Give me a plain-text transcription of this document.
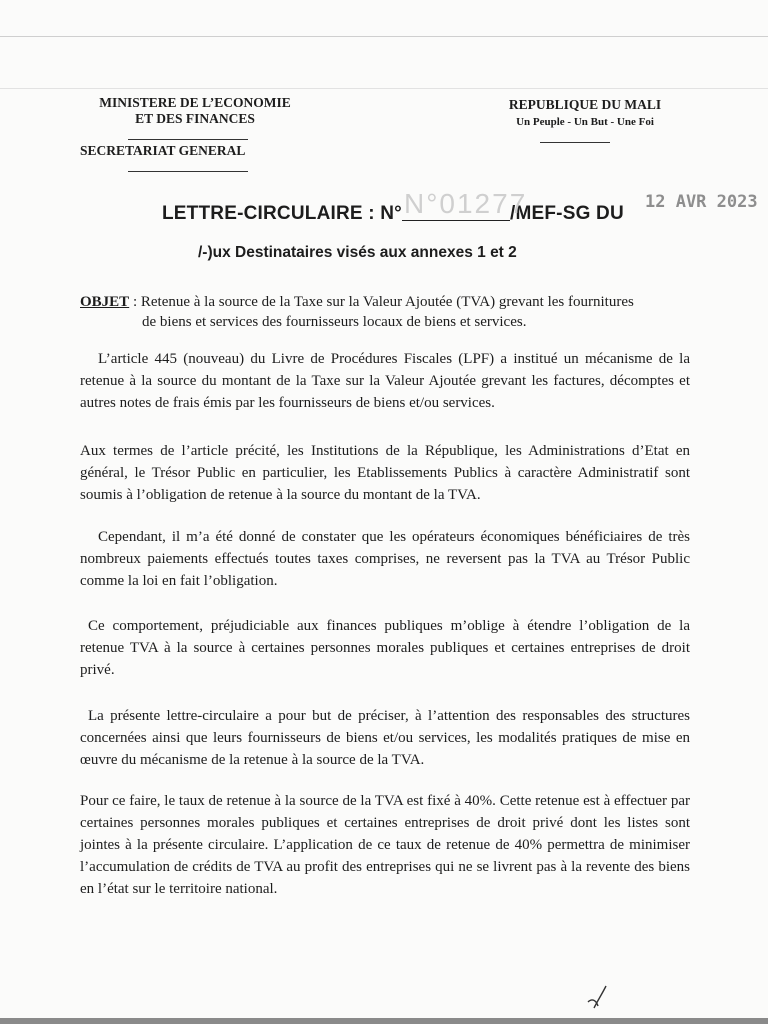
MINISTERE DE L’ECONOMIE
ET DES FINANCES
SECRETARIAT GENERAL
REPUBLIQUE DU MALI
Un Peuple - Un But - Une Foi
LETTRE-CIRCULAIRE : N° N°01277
/MEF-SG DU
12 AVR 2023
/-)ux Destinataires visés aux annexes 1 et 2
OBJET : Retenue à la source de la Taxe sur la Valeur Ajoutée (TVA) grevant les fournitures
de biens et services des fournisseurs locaux de biens et services.
L’article 445 (nouveau) du Livre de Procédures Fiscales (LPF) a institué un mécanisme de la retenue à la source du montant de la Taxe sur la Valeur Ajoutée grevant les factures, décomptes et autres notes de frais émis par les fournisseurs de biens et/ou services.
Aux termes de l’article précité, les Institutions de la République, les Administrations d’Etat en général, le Trésor Public en particulier, les Etablissements Publics à caractère Administratif sont soumis à l’obligation de retenue à la source du montant de la TVA.
Cependant, il m’a été donné de constater que les opérateurs économiques bénéficiaires de très nombreux paiements effectués toutes taxes comprises, ne reversent pas la TVA au Trésor Public comme la loi en fait l’obligation.
Ce comportement, préjudiciable aux finances publiques m’oblige à étendre l’obligation de la retenue TVA à la source à certaines personnes morales publiques et certaines entreprises de droit privé.
La présente lettre-circulaire a pour but de préciser, à l’attention des responsables des structures concernées ainsi que leurs fournisseurs de biens et/ou services, les modalités pratiques de mise en œuvre du mécanisme de la retenue à la source de la TVA.
Pour ce faire, le taux de retenue à la source de la TVA est fixé à 40%. Cette retenue est à effectuer par certaines personnes morales publiques et certaines entreprises de droit privé dont les listes sont jointes à la présente circulaire. L’application de ce taux de retenue de 40% permettra de minimiser l’accumulation de crédits de TVA au profit des entreprises qui ne se livrent pas à la revente des biens en l’état sur le territoire national.
